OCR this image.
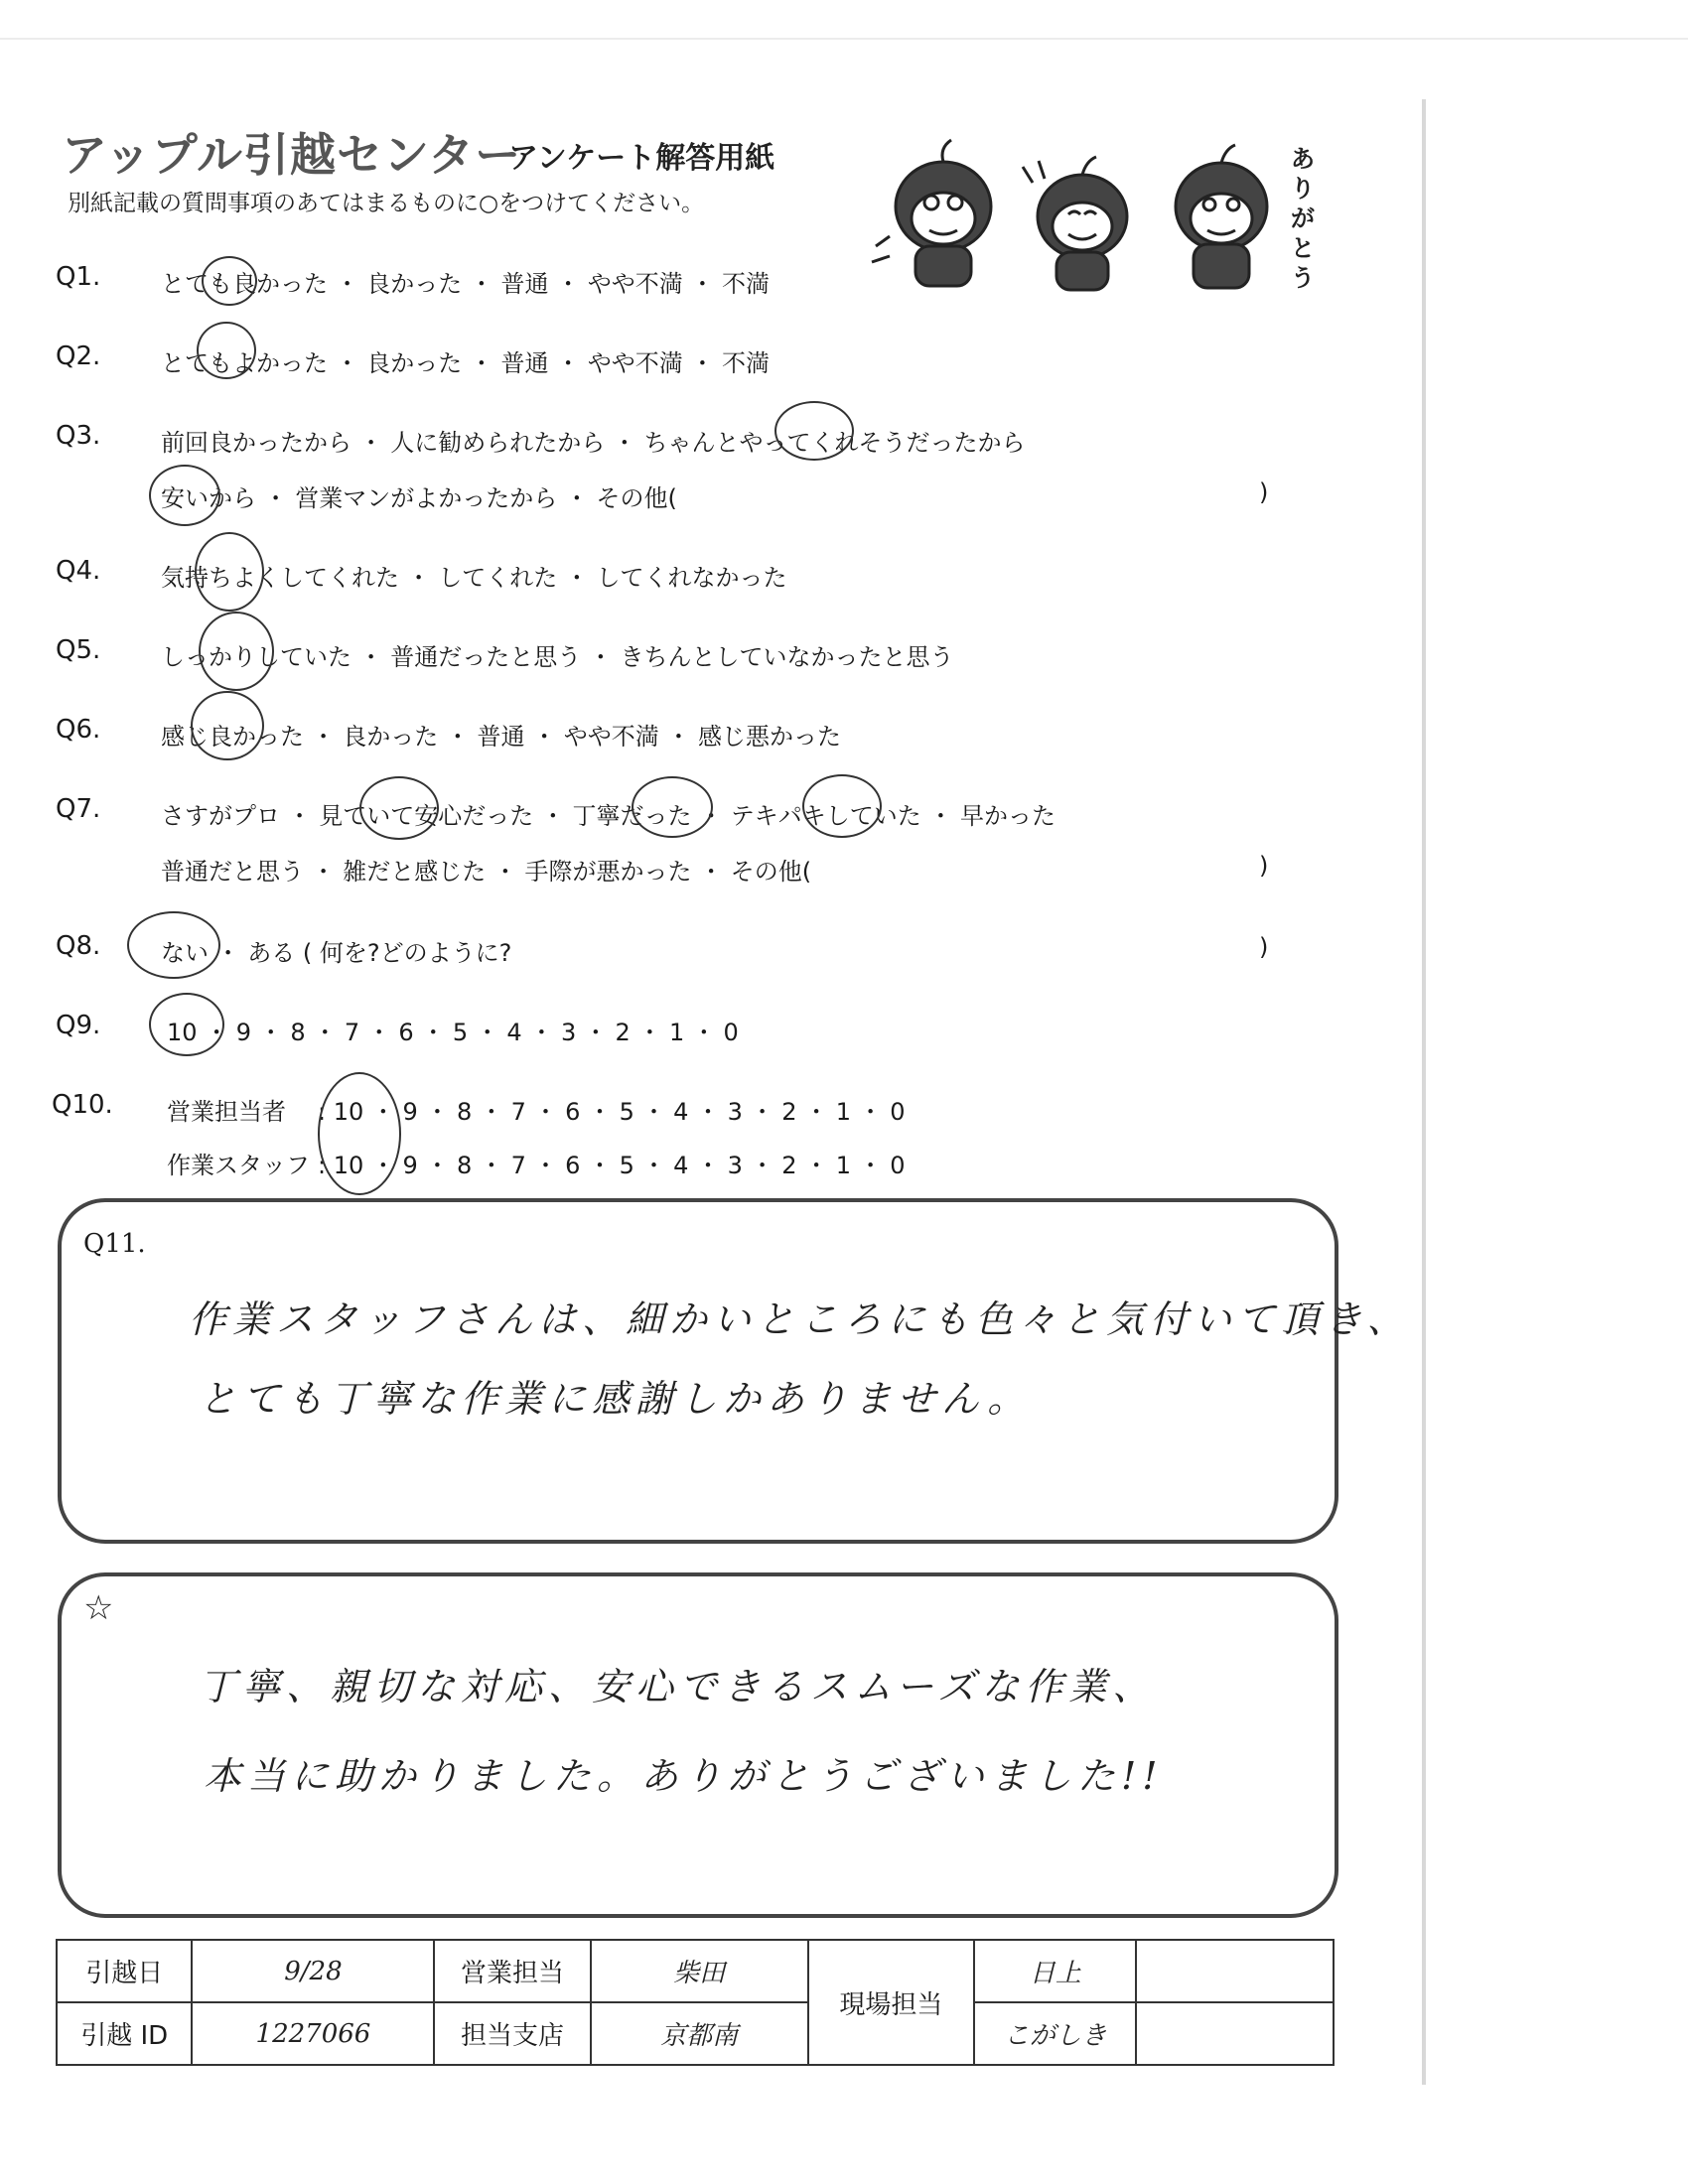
アップル引越センター
アンケート解答用紙
別紙記載の質問事項のあてはまるものに○をつけてください。
ありがとう
Q1.	とても良かった ・ 良かった ・ 普通 ・ やや不満 ・ 不満
Q2.	とてもよかった ・ 良かった ・ 普通 ・ やや不満 ・ 不満
Q3.	前回良かったから ・ 人に勧められたから ・ ちゃんとやってくれそうだったから
安いから ・ 営業マンがよかったから ・ その他(	)
Q4.	気持ちよくしてくれた ・ してくれた ・ してくれなかった
Q5.	しっかりしていた ・ 普通だったと思う ・ きちんとしていなかったと思う
Q6.	感じ良かった ・ 良かった ・ 普通 ・ やや不満 ・ 感じ悪かった
Q7.	さすがプロ ・ 見ていて安心だった ・ 丁寧だった ・ テキパキしていた ・ 早かった
普通だと思う ・ 雑だと感じた ・ 手際が悪かった ・ その他(	)
Q8.	ない ・ ある ( 何を?どのように?	)
Q9.	10 ・ 9 ・ 8 ・ 7 ・ 6 ・ 5 ・ 4 ・ 3 ・ 2 ・ 1 ・ 0
Q10. 営業担当者 : 10 ・ 9 ・ 8 ・ 7 ・ 6 ・ 5 ・ 4 ・ 3 ・ 2 ・ 1 ・ 0
作業スタッフ : 10 ・ 9 ・ 8 ・ 7 ・ 6 ・ 5 ・ 4 ・ 3 ・ 2 ・ 1 ・ 0
Q11.
作業スタッフさんは、細かいところにも色々と気付いて頂き、
とても丁寧な作業に感謝しかありません。
☆
丁寧、親切な対応、安心できるスムーズな作業、
本当に助かりました。ありがとうございました!!
引越日	9/28	営業担当	柴田	現場担当	日上	
引越 ID	1227066	担当支店	京都南		こがしき	
